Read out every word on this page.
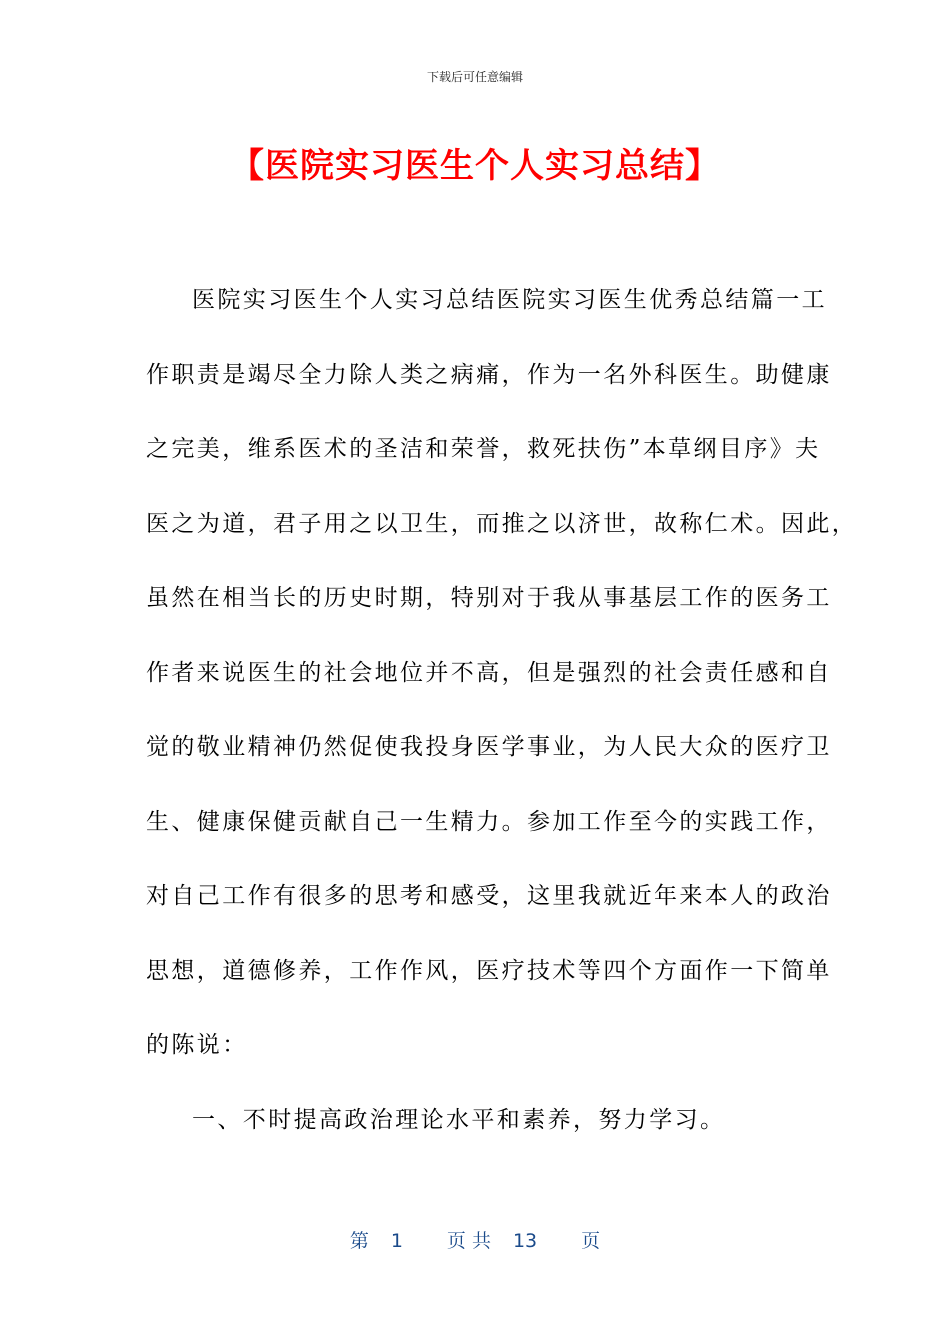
下载后可任意编辑
【医院实习医生个人实习总结】
医院实习医生个人实习总结医院实习医生优秀总结篇一工
作职责是竭尽全力除人类之病痛，作为一名外科医生。助健康
之完美，维系医术的圣洁和荣誉，救死扶伤”本草纲目序》夫
医之为道，君子用之以卫生，而推之以济世，故称仁术。因此，
虽然在相当长的历史时期，特别对于我从事基层工作的医务工
作者来说医生的社会地位并不高，但是强烈的社会责任感和自
觉的敬业精神仍然促使我投身医学事业，为人民大众的医疗卫
生、健康保健贡献自己一生精力。参加工作至今的实践工作，
对自己工作有很多的思考和感受，这里我就近年来本人的政治
思想，道德修养，工作作风，医疗技术等四个方面作一下简单
的陈说：
一、不时提高政治理论水平和素养，努力学习。
第 1 页 共 13 页
